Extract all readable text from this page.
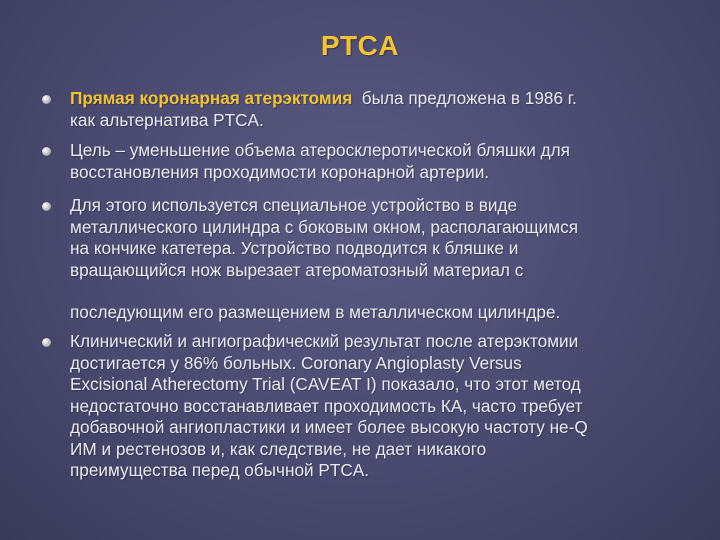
PTCA
Прямая коронарная атерэктомия  была предложена в 1986 г.
как альтернатива PTCA.
Цель – уменьшение объема атеросклеротической бляшки для
восстановления проходимости коронарной артерии.
Для этого используется специальное устройство в виде
металлического цилиндра с боковым окном, располагающимся
на кончике катетера. Устройство подводится к бляшке и
вращающийся нож вырезает атероматозный материал с
последующим его размещением в металлическом цилиндре.
Клинический и ангиографический результат после атерэктомии
достигается у 86% больных. Coronary Angioplasty Versus
Excisional Atherectomy Trial (CAVEAT I) показало, что этот метод
недостаточно восстанавливает проходимость КА, часто требует
добавочной ангиопластики и имеет более высокую частоту не-Q
ИМ и рестенозов и, как следствие, не дает никакого
преимущества перед обычной PTCA.
